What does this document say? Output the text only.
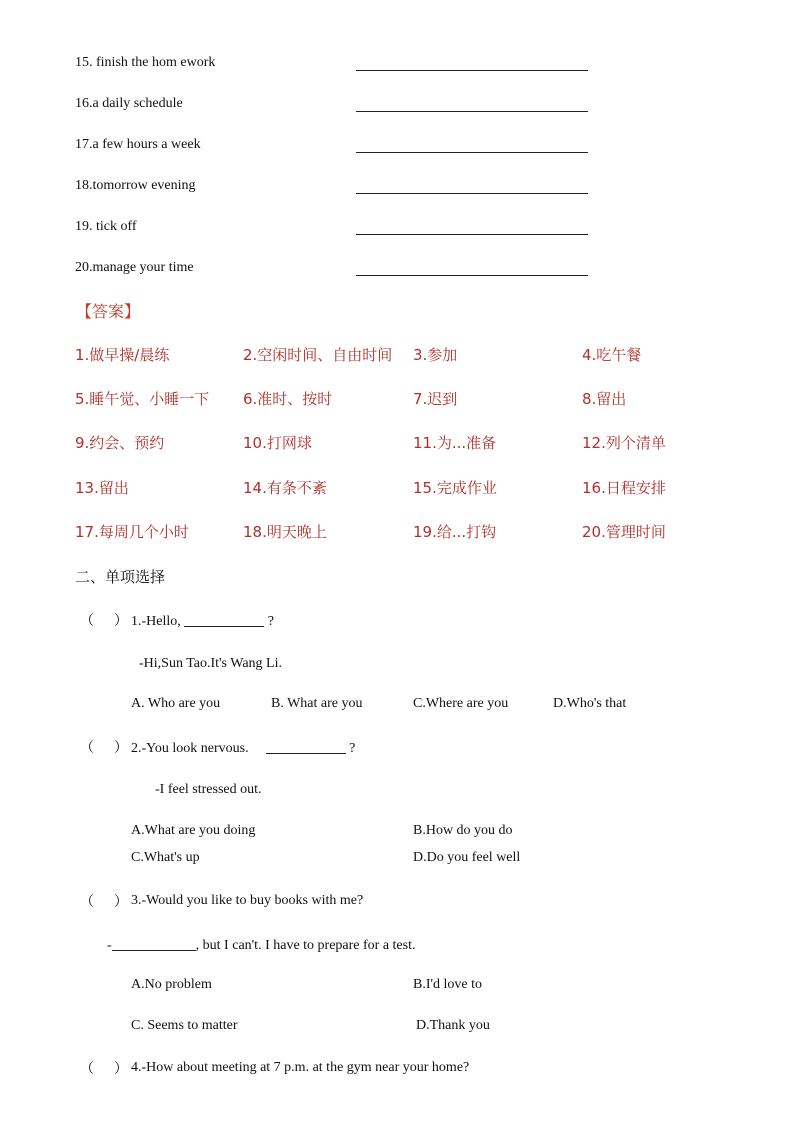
15. finish the hom ework
16.a daily schedule
17.a few hours a week
18.tomorrow evening
19. tick off
20.manage your time
【答案】
1.做早操/晨练	2.空闲时间、自由时间 3.参加	4.吃午餐
5.睡午觉、小睡一下 6.准时、按时	7.迟到	8.留出
9.约会、预约	10.打网球	11.为...准备	12.列个清单
13.留出	14.有条不紊	15.完成作业	16.日程安排
17.每周几个小时	18.明天晚上	19.给...打钩	20.管理时间
二、单项选择
（ ） 1.-Hello,	?
-Hi,Sun Tao.It's Wang Li.
A. Who are you	B. What are you	C.Where are you	D.Who's that
（ ） 2.-You look nervous.	?
-I feel stressed out.
A.What are you doing	B.How do you do
C.What's up	D.Do you feel well
（ ） 3.-Would you like to buy books with me?
-	, but I can't. I have to prepare for a test.
A.No problem	B.I'd love to
C. Seems to matter	D.Thank you
（ ） 4.-How about meeting at 7 p.m. at the gym near your home?
